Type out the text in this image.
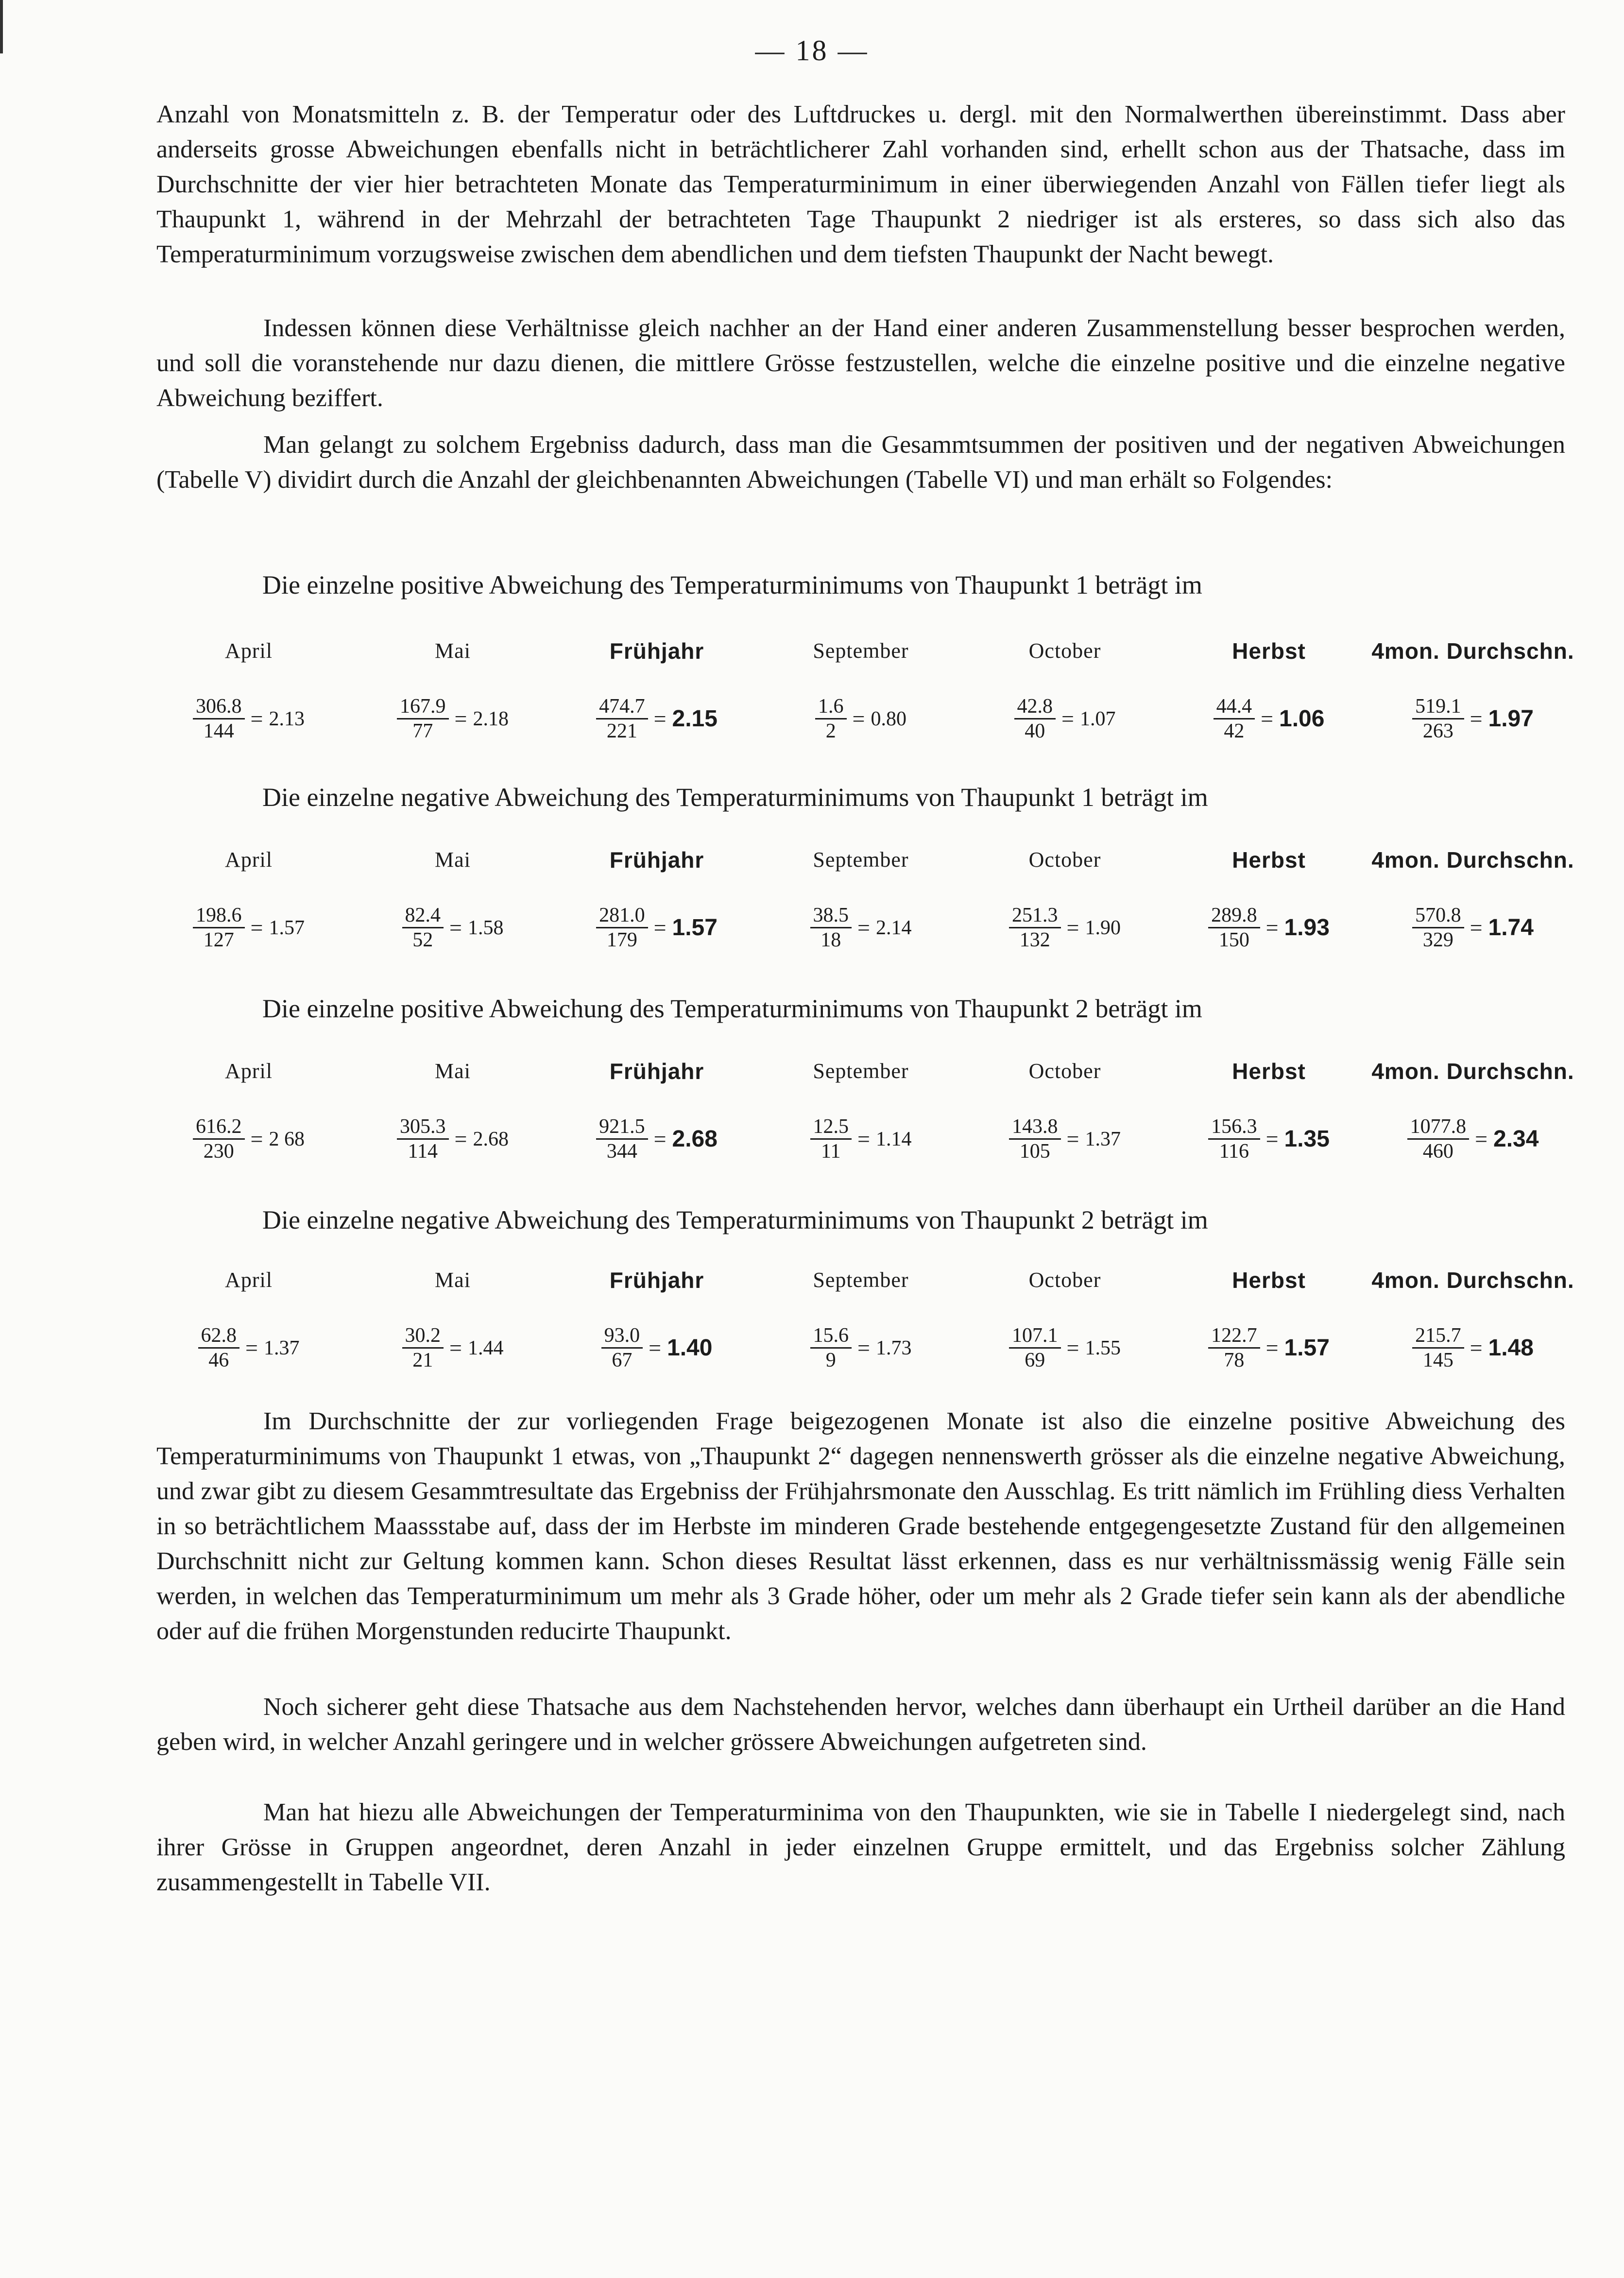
— 18 —

Anzahl von Monatsmitteln z. B. der Temperatur oder des Luftdruckes u. dergl. mit den Normalwerthen übereinstimmt. Dass aber anderseits grosse Abweichungen ebenfalls nicht in beträchtlicherer Zahl vorhanden sind, erhellt schon aus der Thatsache, dass im Durchschnitte der vier hier betrachteten Monate das Temperaturminimum in einer überwiegenden Anzahl von Fällen tiefer liegt als Thaupunkt 1, während in der Mehrzahl der betrachteten Tage Thaupunkt 2 niedriger ist als ersteres, so dass sich also das Temperaturminimum vorzugsweise zwischen dem abendlichen und dem tiefsten Thaupunkt der Nacht bewegt.

Indessen können diese Verhältnisse gleich nachher an der Hand einer anderen Zusammenstellung besser besprochen werden, und soll die voranstehende nur dazu dienen, die mittlere Grösse festzustellen, welche die einzelne positive und die einzelne negative Abweichung beziffert.

Man gelangt zu solchem Ergebniss dadurch, dass man die Gesammtsummen der positiven und der negativen Abweichungen (Tabelle V) dividirt durch die Anzahl der gleichbenannten Abweichungen (Tabelle VI) und man erhält so Folgendes:

Die einzelne positive Abweichung des Temperaturminimums von Thaupunkt 1 beträgt im

April
$\frac{306.8}{144} = 2.13$
Mai
$\frac{167.9}{77} = 2.18$
Frühjahr
$\frac{474.7}{221} = 2.15$
September
$\frac{1.6}{2} = 0.80$
October
$\frac{42.8}{40} = 1.07$
Herbst
$\frac{44.4}{42} = 1.06$
4mon. Durchschn.
$\frac{519.1}{263} = 1.97$

Die einzelne negative Abweichung des Temperaturminimums von Thaupunkt 1 beträgt im

April
$\frac{198.6}{127} = 1.57$
Mai
$\frac{82.4}{52} = 1.58$
Frühjahr
$\frac{281.0}{179} = 1.57$
September
$\frac{38.5}{18} = 2.14$
October
$\frac{251.3}{132} = 1.90$
Herbst
$\frac{289.8}{150} = 1.93$
4mon. Durchschn.
$\frac{570.8}{329} = 1.74$

Die einzelne positive Abweichung des Temperaturminimums von Thaupunkt 2 beträgt im

April
$\frac{616.2}{230} = 2$ 68
Mai
$\frac{305.3}{114} = 2.68$
Frühjahr
$\frac{921.5}{344} = 2.68$
September
$\frac{12.5}{11} = 1.14$
October
$\frac{143.8}{105} = 1.37$
Herbst
$\frac{156.3}{116} = 1.35$
4mon. Durchschn.
$\frac{1077.8}{460} = 2.34$

Die einzelne negative Abweichung des Temperaturminimums von Thaupunkt 2 beträgt im

April
$\frac{62.8}{46} = 1.37$
Mai
$\frac{30.2}{21} = 1.44$
Frühjahr
$\frac{93.0}{67} = 1.40$
September
$\frac{15.6}{9} = 1.73$
October
$\frac{107.1}{69} = 1.55$
Herbst
$\frac{122.7}{78} = 1.57$
4mon. Durchschn.
$\frac{215.7}{145} = 1.48$

Im Durchschnitte der zur vorliegenden Frage beigezogenen Monate ist also die einzelne positive Abweichung des Temperaturminimums von Thaupunkt 1 etwas, von „Thaupunkt 2“ dagegen nennenswerth grösser als die einzelne negative Abweichung, und zwar gibt zu diesem Gesammtresultate das Ergebniss der Frühjahrsmonate den Ausschlag. Es tritt nämlich im Frühling diess Verhalten in so beträchtlichem Maassstabe auf, dass der im Herbste im minderen Grade bestehende entgegengesetzte Zustand für den allgemeinen Durchschnitt nicht zur Geltung kommen kann. Schon dieses Resultat lässt erkennen, dass es nur verhältnissmässig wenig Fälle sein werden, in welchen das Temperaturminimum um mehr als 3 Grade höher, oder um mehr als 2 Grade tiefer sein kann als der abendliche oder auf die frühen Morgenstunden reducirte Thaupunkt.

Noch sicherer geht diese Thatsache aus dem Nachstehenden hervor, welches dann überhaupt ein Urtheil darüber an die Hand geben wird, in welcher Anzahl geringere und in welcher grössere Abweichungen aufgetreten sind.

Man hat hiezu alle Abweichungen der Temperaturminima von den Thaupunkten, wie sie in Tabelle I niedergelegt sind, nach ihrer Grösse in Gruppen angeordnet, deren Anzahl in jeder einzelnen Gruppe ermittelt, und das Ergebniss solcher Zählung zusammengestellt in Tabelle VII.
